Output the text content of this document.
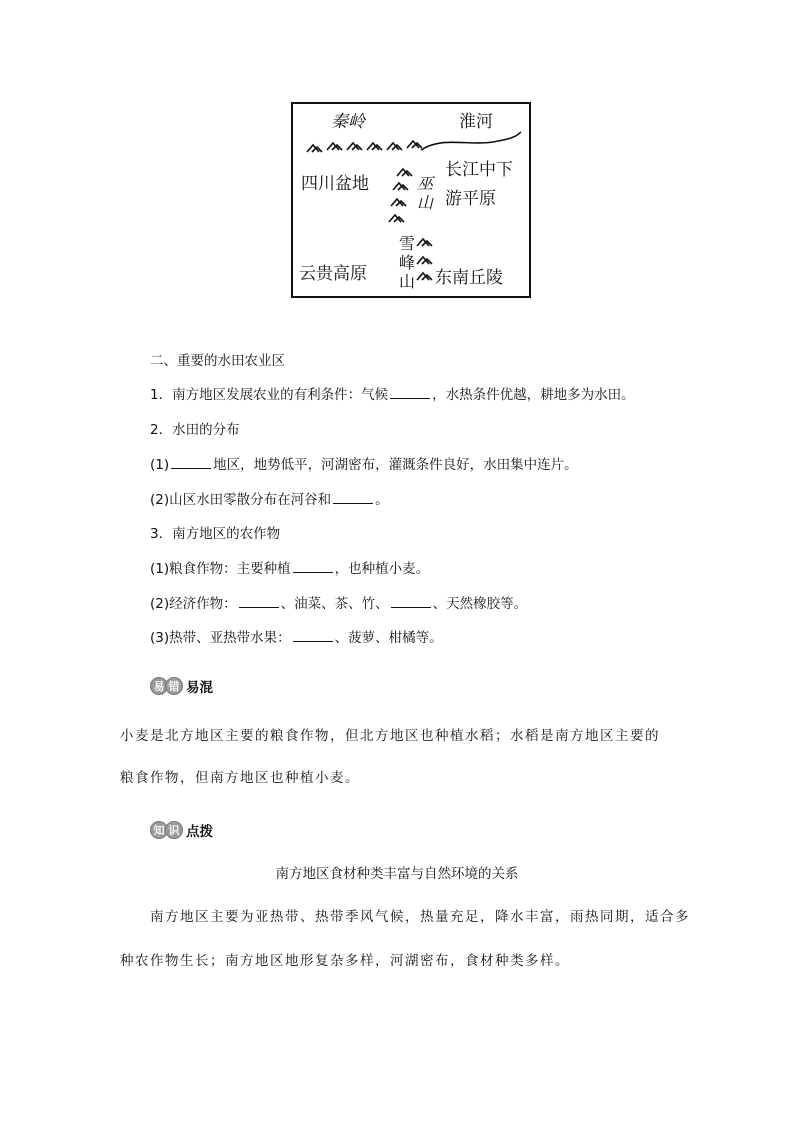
秦岭	淮河
四川盆地
长江中下
游平原
巫山
雪峰山
云贵高原	东南丘陵
二、重要的水田农业区
1．南方地区发展农业的有利条件：气候	，水热条件优越，耕地多为水田。
2．水田的分布
(1)	地区，地势低平，河湖密布，灌溉条件良好，水田集中连片。
(2)山区水田零散分布在河谷和	。
3．南方地区的农作物
(1)粮食作物：主要种植	，也种植小麦。
(2)经济作物：	、油菜、茶、竹、	、天然橡胶等。
(3)热带、亚热带水果：	、菠萝、柑橘等。
易 错 易混
小麦是北方地区主要的粮食作物，但北方地区也种植水稻；水稻是南方地区主要的
粮食作物，但南方地区也种植小麦。
知 识 点拨
南方地区食材种类丰富与自然环境的关系
南方地区主要为亚热带、热带季风气候，热量充足，降水丰富，雨热同期，适合多
种农作物生长；南方地区地形复杂多样，河湖密布，食材种类多样。
